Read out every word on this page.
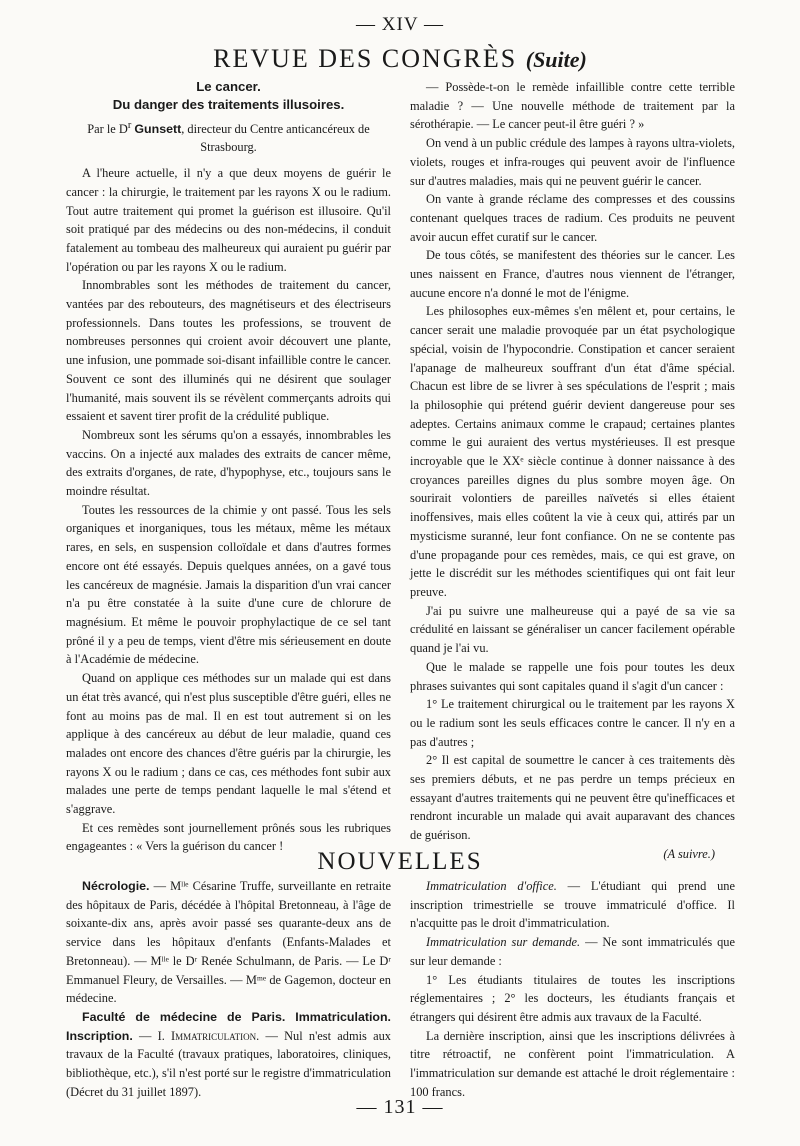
— XIV —
REVUE DES CONGRÈS (Suite)
Le cancer.
Du danger des traitements illusoires.
Par le $D^r$ Gunsett, directeur du Centre anticancéreux de Strasbourg.

A l'heure actuelle, il n'y a que deux moyens de guérir le cancer : la chirurgie, le traitement par les rayons X ou le radium. Tout autre traitement qui promet la guérison est illusoire. Qu'il soit pratiqué par des médecins ou des non-médecins, il conduit fatalement au tombeau des malheureux qui auraient pu guérir par l'opération ou par les rayons X ou le radium.

Innombrables sont les méthodes de traitement du cancer, vantées par des rebouteurs, des magnétiseurs et des électriseurs professionnels. Dans toutes les professions, se trouvent de nombreuses personnes qui croient avoir découvert une plante, une infusion, une pommade soi-disant infaillible contre le cancer. Souvent ce sont des illuminés qui ne désirent que soulager l'humanité, mais souvent ils se révèlent commerçants adroits qui essaient et savent tirer profit de la crédulité publique.

Nombreux sont les sérums qu'on a essayés, innombrables les vaccins. On a injecté aux malades des extraits de cancer même, des extraits d'organes, de rate, d'hypophyse, etc., toujours sans le moindre résultat.

Toutes les ressources de la chimie y ont passé. Tous les sels organiques et inorganiques, tous les métaux, même les métaux rares, en sels, en suspension colloïdale et dans d'autres formes encore ont été essayés. Depuis quelques années, on a gavé tous les cancéreux de magnésie. Jamais la disparition d'un vrai cancer n'a pu être constatée à la suite d'une cure de chlorure de magnésium. Et même le pouvoir prophylactique de ce sel tant prôné il y a peu de temps, vient d'être mis sérieusement en doute à l'Académie de médecine.

Quand on applique ces méthodes sur un malade qui est dans un état très avancé, qui n'est plus susceptible d'être guéri, elles ne font au moins pas de mal. Il en est tout autrement si on les applique à des cancéreux au début de leur maladie, quand ces malades ont encore des chances d'être guéris par la chirurgie, les rayons X ou le radium ; dans ce cas, ces méthodes font subir aux malades une perte de temps pendant laquelle le mal s'étend et s'aggrave.

Et ces remèdes sont journellement prônés sous les rubriques engageantes : « Vers la guérison du cancer !

— Possède-t-on le remède infaillible contre cette terrible maladie ? — Une nouvelle méthode de traitement par la sérothérapie. — Le cancer peut-il être guéri ? »

On vend à un public crédule des lampes à rayons ultra-violets, violets, rouges et infra-rouges qui peuvent avoir de l'influence sur d'autres maladies, mais qui ne peuvent guérir le cancer.

On vante à grande réclame des compresses et des coussins contenant quelques traces de radium. Ces produits ne peuvent avoir aucun effet curatif sur le cancer.

De tous côtés, se manifestent des théories sur le cancer. Les unes naissent en France, d'autres nous viennent de l'étranger, aucune encore n'a donné le mot de l'énigme.

Les philosophes eux-mêmes s'en mêlent et, pour certains, le cancer serait une maladie provoquée par un état psychologique spécial, voisin de l'hypocondrie. Constipation et cancer seraient l'apanage de malheureux souffrant d'un état d'âme spécial. Chacun est libre de se livrer à ses spéculations de l'esprit ; mais la philosophie qui prétend guérir devient dangereuse pour ses adeptes. Certains animaux comme le crapaud; certaines plantes comme le gui auraient des vertus mystérieuses. Il est presque incroyable que le XXᵉ siècle continue à donner naissance à des croyances pareilles dignes du plus sombre moyen âge. On sourirait volontiers de pareilles naïvetés si elles étaient inoffensives, mais elles coûtent la vie à ceux qui, attirés par un mysticisme suranné, leur font confiance. On ne se contente pas d'une propagande pour ces remèdes, mais, ce qui est grave, on jette le discrédit sur les méthodes scientifiques qui ont fait leur preuve.

J'ai pu suivre une malheureuse qui a payé de sa vie sa crédulité en laissant se généraliser un cancer facilement opérable quand je l'ai vu.

Que le malade se rappelle une fois pour toutes les deux phrases suivantes qui sont capitales quand il s'agit d'un cancer :

1° Le traitement chirurgical ou le traitement par les rayons X ou le radium sont les seuls efficaces contre le cancer. Il n'y en a pas d'autres ;

2° Il est capital de soumettre le cancer à ces traitements dès ses premiers débuts, et ne pas perdre un temps précieux en essayant d'autres traitements qui ne peuvent être qu'inefficaces et rendront incurable un malade qui avait auparavant des chances de guérison.

(A suivre.)
NOUVELLES

Nécrologie. — Mˡˡᵉ Césarine Truffe, surveillante en retraite des hôpitaux de Paris, décédée à l'hôpital Bretonneau, à l'âge de soixante-dix ans, après avoir passé ses quarante-deux ans de service dans les hôpitaux d'enfants (Enfants-Malades et Bretonneau). — Mˡˡᵉ le Dʳ Renée Schulmann, de Paris. — Le Dʳ Emmanuel Fleury, de Versailles. — Mᵐᵉ de Gagemon, docteur en médecine.

Faculté de médecine de Paris. Immatriculation. Inscription. — I. Immatriculation. — Nul n'est admis aux travaux de la Faculté (travaux pratiques, laboratoires, cliniques, bibliothèque, etc.), s'il n'est porté sur le registre d'immatriculation (Décret du 31 juillet 1897).

Immatriculation d'office. — L'étudiant qui prend une inscription trimestrielle se trouve immatriculé d'office. Il n'acquitte pas le droit d'immatriculation.

Immatriculation sur demande. — Ne sont immatriculés que sur leur demande :

1° Les étudiants titulaires de toutes les inscriptions réglementaires ; 2° les docteurs, les étudiants français et étrangers qui désirent être admis aux travaux de la Faculté.

La dernière inscription, ainsi que les inscriptions délivrées à titre rétroactif, ne confèrent point l'immatriculation. A l'immatriculation sur demande est attaché le droit réglementaire : 100 francs.

— 131 —
